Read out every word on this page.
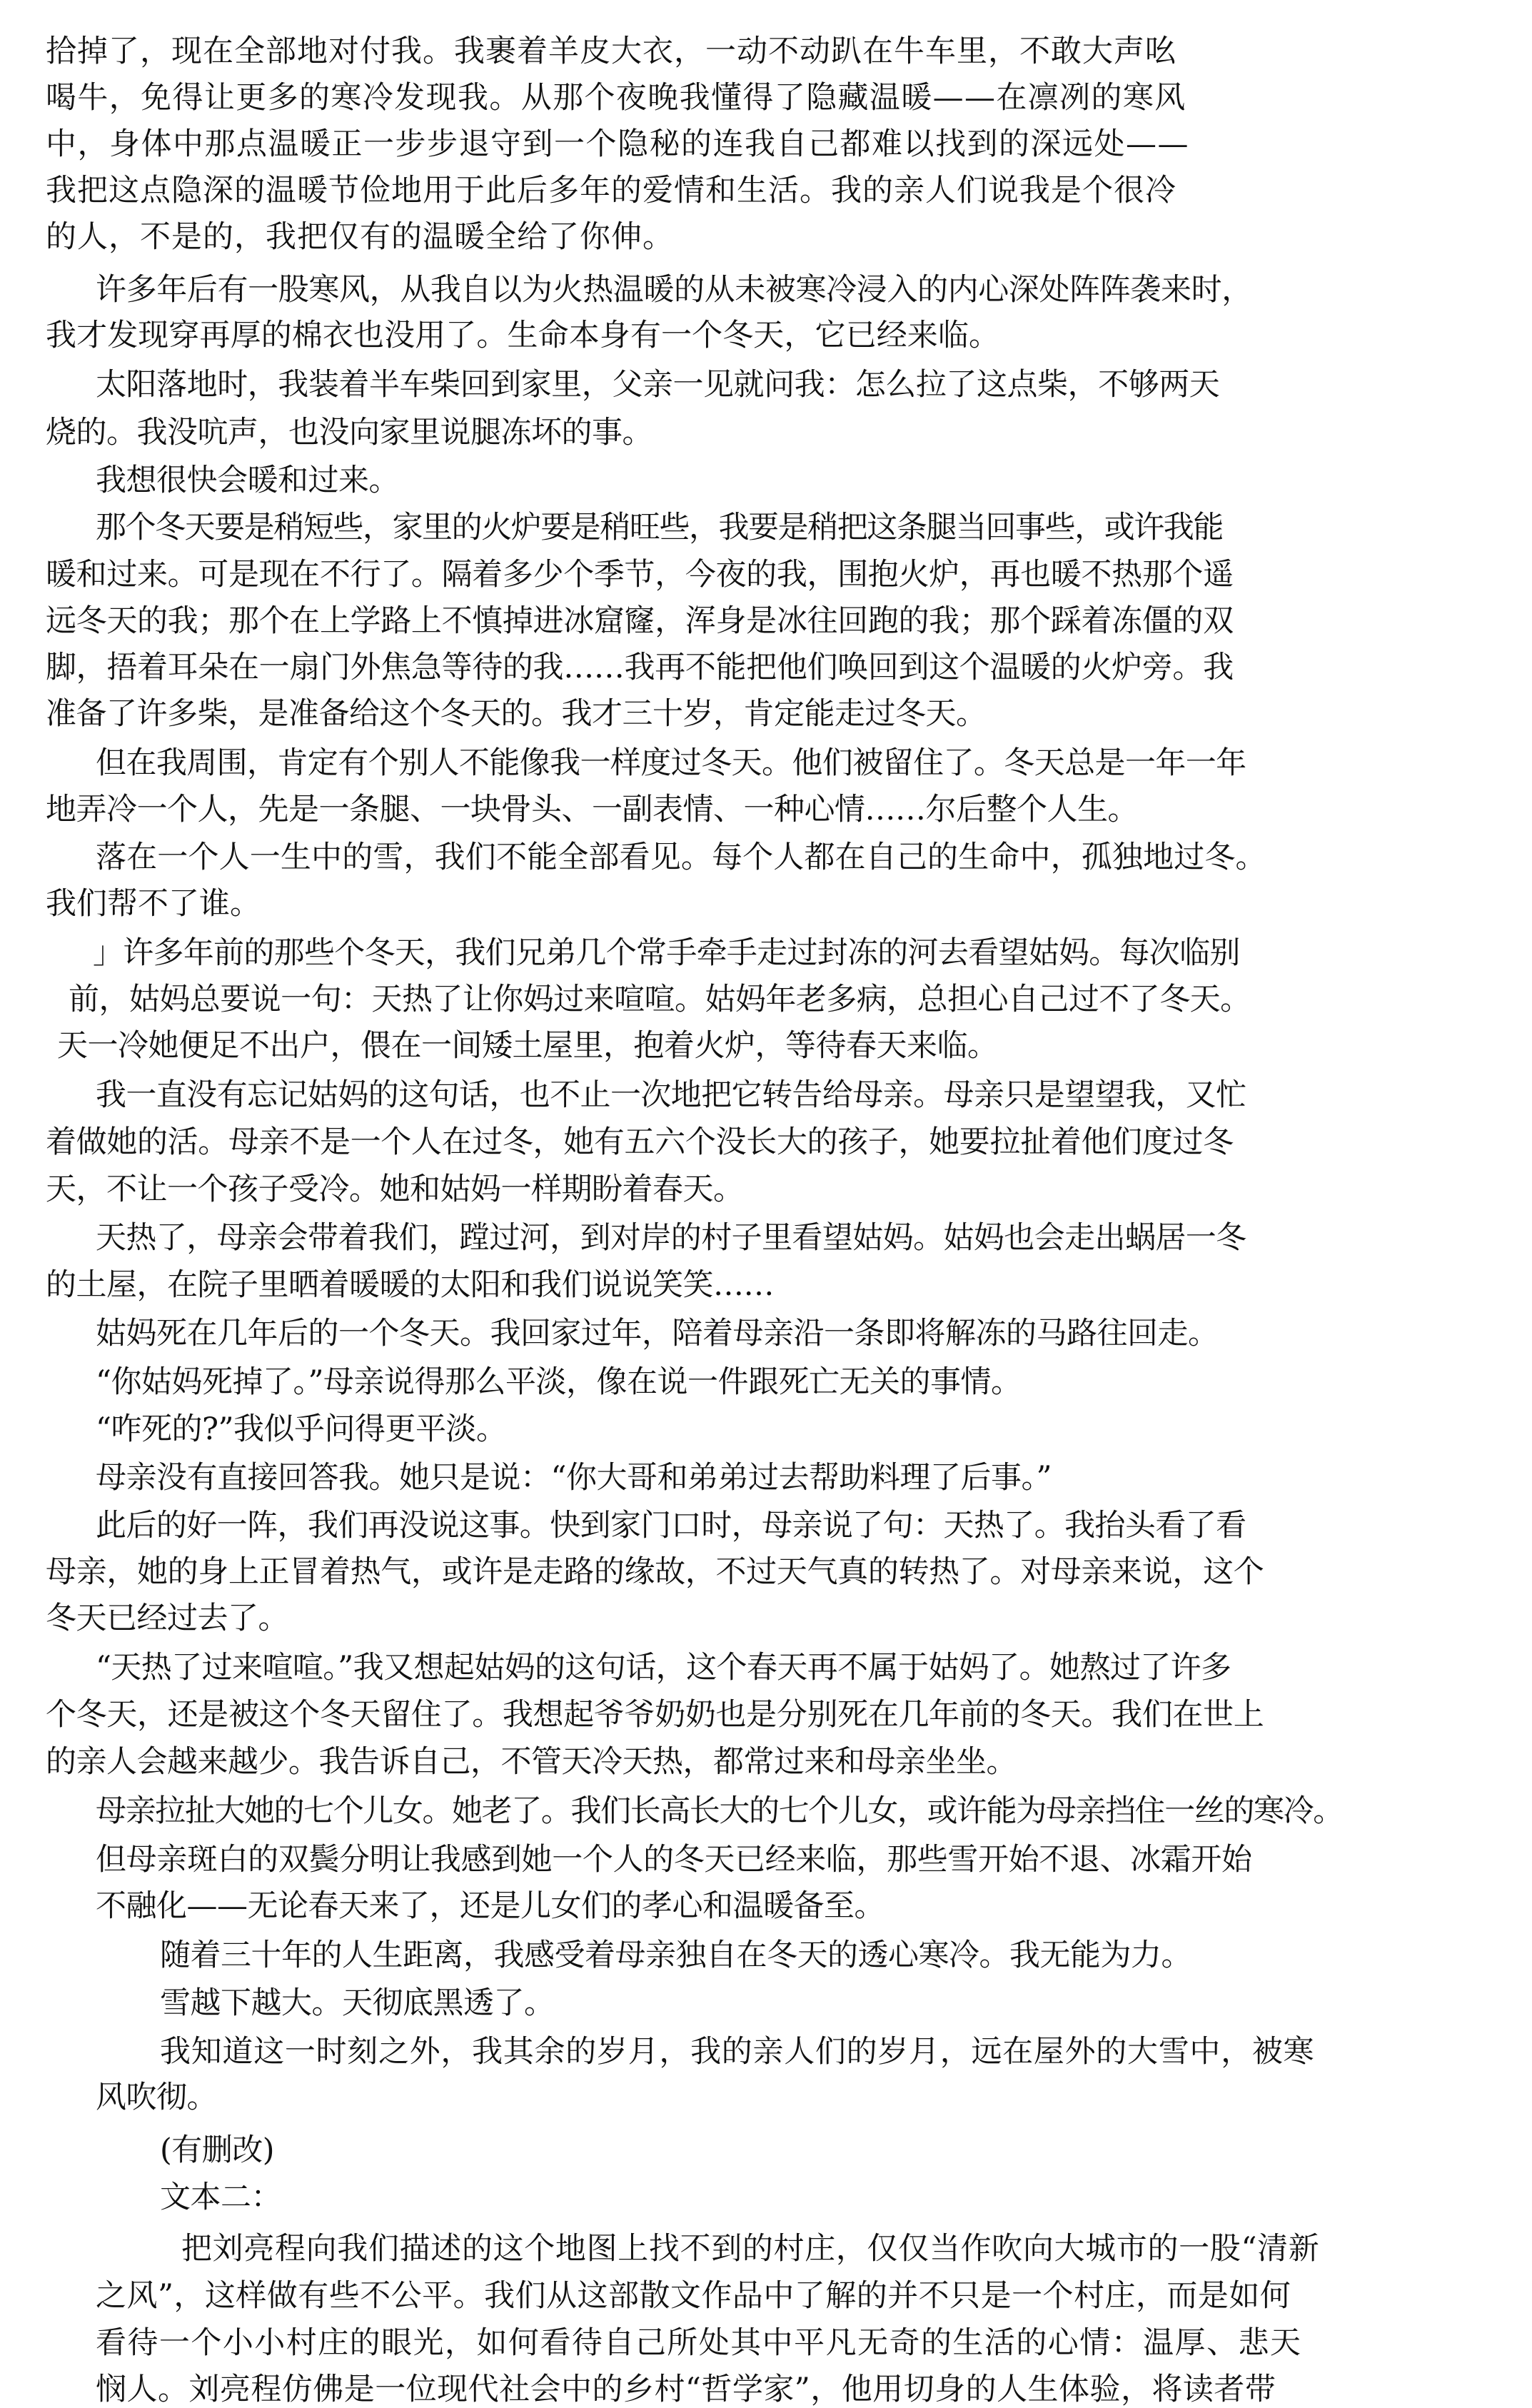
拾掉了，现在全部地对付我。我裹着羊皮大衣，一动不动趴在牛车里，不敢大声吆
喝牛，免得让更多的寒冷发现我。从那个夜晚我懂得了隐藏温暖——在凛冽的寒风
中，身体中那点温暖正一步步退守到一个隐秘的连我自己都难以找到的深远处——
我把这点隐深的温暖节俭地用于此后多年的爱情和生活。我的亲人们说我是个很冷
的人，不是的，我把仅有的温暖全给了你伸。
许多年后有一股寒风，从我自以为火热温暖的从未被寒冷浸入的内心深处阵阵袭来时，
我才发现穿再厚的棉衣也没用了。生命本身有一个冬天，它已经来临。
太阳落地时，我装着半车柴回到家里，父亲一见就问我：怎么拉了这点柴，不够两天
烧的。我没吭声，也没向家里说腿冻坏的事。
我想很快会暖和过来。
那个冬天要是稍短些，家里的火炉要是稍旺些，我要是稍把这条腿当回事些，或许我能
暖和过来。可是现在不行了。隔着多少个季节，今夜的我，围抱火炉，再也暖不热那个遥
远冬天的我；那个在上学路上不慎掉进冰窟窿，浑身是冰往回跑的我；那个踩着冻僵的双
脚，捂着耳朵在一扇门外焦急等待的我……我再不能把他们唤回到这个温暖的火炉旁。我
准备了许多柴，是准备给这个冬天的。我才三十岁，肯定能走过冬天。
但在我周围，肯定有个别人不能像我一样度过冬天。他们被留住了。冬天总是一年一年
地弄冷一个人，先是一条腿、一块骨头、一副表情、一种心情……尔后整个人生。
落在一个人一生中的雪，我们不能全部看见。每个人都在自己的生命中，孤独地过冬。
我们帮不了谁。
」许多年前的那些个冬天，我们兄弟几个常手牵手走过封冻的河去看望姑妈。每次临别
前，姑妈总要说一句：天热了让你妈过来喧喧。姑妈年老多病，总担心自己过不了冬天。
天一冷她便足不出户，偎在一间矮土屋里，抱着火炉，等待春天来临。
我一直没有忘记姑妈的这句话，也不止一次地把它转告给母亲。母亲只是望望我，又忙
着做她的活。母亲不是一个人在过冬，她有五六个没长大的孩子，她要拉扯着他们度过冬
天，不让一个孩子受冷。她和姑妈一样期盼着春天。
天热了，母亲会带着我们，蹚过河，到对岸的村子里看望姑妈。姑妈也会走出蜗居一冬
的土屋，在院子里晒着暖暖的太阳和我们说说笑笑……
姑妈死在几年后的一个冬天。我回家过年，陪着母亲沿一条即将解冻的马路往回走。
“你姑妈死掉了。”母亲说得那么平淡，像在说一件跟死亡无关的事情。
“咋死的?”我似乎问得更平淡。
母亲没有直接回答我。她只是说：“你大哥和弟弟过去帮助料理了后事。”
此后的好一阵，我们再没说这事。快到家门口时，母亲说了句：天热了。我抬头看了看
母亲，她的身上正冒着热气，或许是走路的缘故，不过天气真的转热了。对母亲来说，这个
冬天已经过去了。
“天热了过来喧喧。”我又想起姑妈的这句话，这个春天再不属于姑妈了。她熬过了许多
个冬天，还是被这个冬天留住了。我想起爷爷奶奶也是分别死在几年前的冬天。我们在世上
的亲人会越来越少。我告诉自己，不管天冷天热，都常过来和母亲坐坐。
母亲拉扯大她的七个儿女。她老了。我们长高长大的七个儿女，或许能为母亲挡住一丝的寒冷。
但母亲斑白的双鬓分明让我感到她一个人的冬天已经来临，那些雪开始不退、冰霜开始
不融化——无论春天来了，还是儿女们的孝心和温暖备至。
随着三十年的人生距离，我感受着母亲独自在冬天的透心寒冷。我无能为力。
雪越下越大。天彻底黑透了。
我知道这一时刻之外，我其余的岁月，我的亲人们的岁月，远在屋外的大雪中，被寒
风吹彻。
(有删改)
文本二：
把刘亮程向我们描述的这个地图上找不到的村庄，仅仅当作吹向大城市的一股“清新
之风”，这样做有些不公平。我们从这部散文作品中了解的并不只是一个村庄，而是如何
看待一个小小村庄的眼光，如何看待自己所处其中平凡无奇的生活的心情：温厚、悲天
悯人。刘亮程仿佛是一位现代社会中的乡村“哲学家”，他用切身的人生体验，将读者带
